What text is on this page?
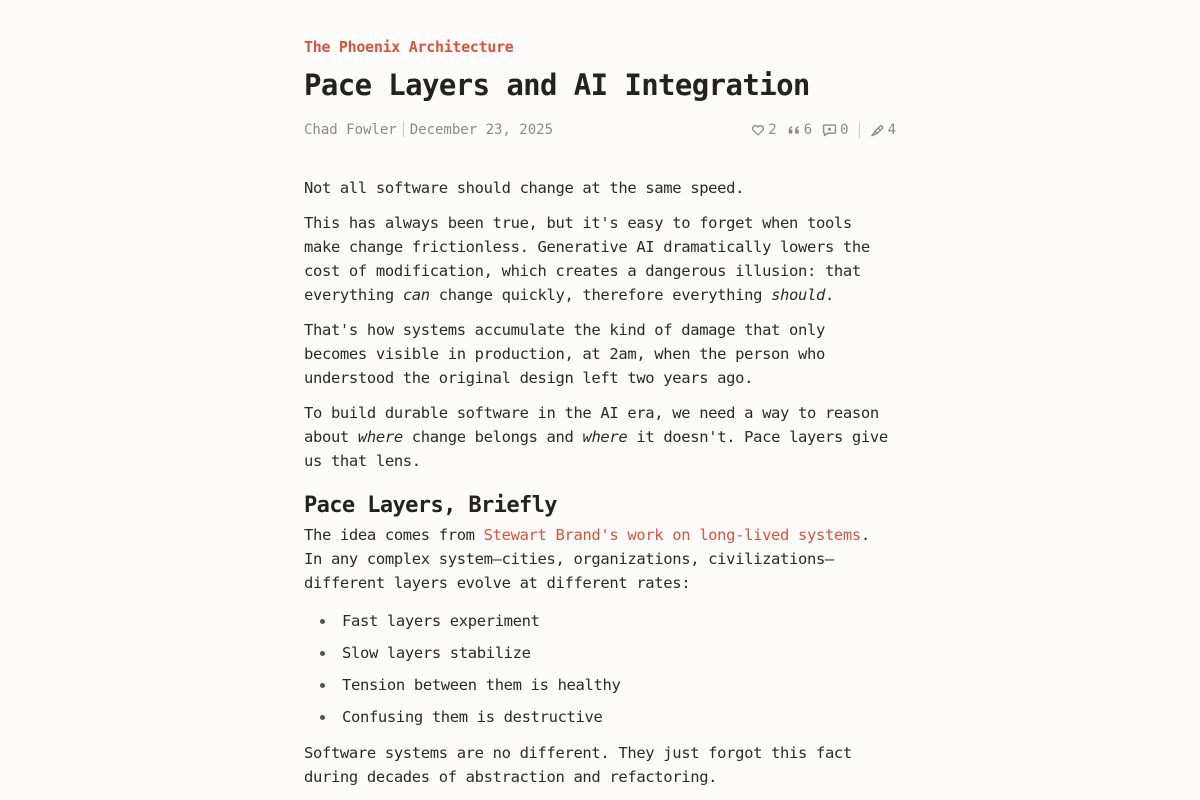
The Phoenix Architecture
Pace Layers and AI Integration
Chad Fowler December 23, 2025	2 6 0	4

Not all software should change at the same speed.

This has always been true, but it's easy to forget when tools make change frictionless. Generative AI dramatically lowers the cost of modification, which creates a dangerous illusion: that everything can change quickly, therefore everything should.

That's how systems accumulate the kind of damage that only becomes visible in production, at 2am, when the person who understood the original design left two years ago.

To build durable software in the AI era, we need a way to reason about where change belongs and where it doesn't. Pace layers give us that lens.

Pace Layers, Briefly

The idea comes from Stewart Brand's work on long-lived systems. In any complex system—cities, organizations, civilizations—different layers evolve at different rates:

Fast layers experiment
Slow layers stabilize
Tension between them is healthy
Confusing them is destructive

Software systems are no different. They just forgot this fact during decades of abstraction and refactoring.
